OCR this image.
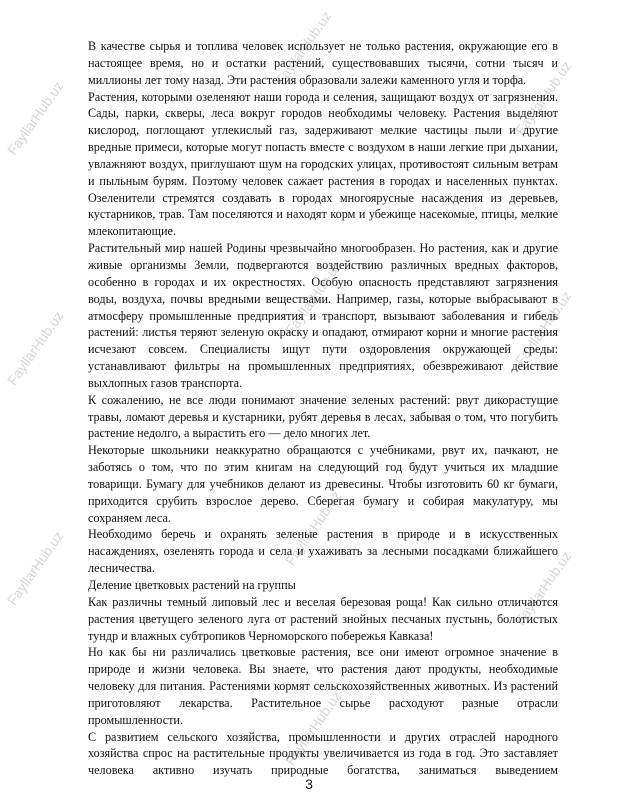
FayllarHub.uz
FayllarHub.uz
FayllarHub.uz
FayllarHub.uz
FayllarHub.uz	FayllarHub.uz
FayllarHub.uz
FayllarHub.uz
FayllarHub.uz
FayllarHub.uz

В качестве сырья и топлива человек использует не только растения, окружающие его в настоящее время, но и остатки растений, существовавших тысячи, сотни тысяч и миллионы лет тому назад. Эти растения образовали залежи каменного угля и торфа.

Растения, которыми озеленяют наши города и селения, защищают воздух от загрязнения. Сады, парки, скверы, леса вокруг городов необходимы человеку. Растения выделяют кислород, поглощают углекислый газ, задерживают мелкие частицы пыли и другие вредные примеси, которые могут попасть вместе с воздухом в наши легкие при дыхании, увлажняют воздух, приглушают шум на городских улицах, противостоят сильным ветрам и пыльным бурям. Поэтому человек сажает растения в городах и населенных пунктах. Озеленители стремятся создавать в городах многоярусные насаждения из деревьев, кустарников, трав. Там поселяются и находят корм и убежище насекомые, птицы, мелкие млекопитающие.

Растительный мир нашей Родины чрезвычайно многообразен. Но растения, как и другие живые организмы Земли, подвергаются воздействию различных вредных факторов, особенно в городах и их окрестностях. Особую опасность представляют загрязнения воды, воздуха, почвы вредными веществами. Например, газы, которые выбрасывают в атмосферу промышленные предприятия и транспорт, вызывают заболевания и гибель растений: листья теряют зеленую окраску и опадают, отмирают корни и многие растения исчезают совсем. Специалисты ищут пути оздоровления окружающей среды: устанавливают фильтры на промышленных предприятиях, обезвреживают действие выхлопных газов транспорта.

К сожалению, не все люди понимают значение зеленых растений: рвут дикорастущие травы, ломают деревья и кустарники, рубят деревья в лесах, забывая о том, что погубить растение недолго, а вырастить его — дело многих лет.

Некоторые школьники неаккуратно обращаются с учебниками, рвут их, пачкают, не заботясь о том, что по этим книгам на следующий год будут учиться их младшие товарищи. Бумагу для учебников делают из древесины. Чтобы изготовить 60 кг бумаги, приходится срубить взрослое дерево. Сберегая бумагу и собирая макулатуру, мы сохраняем леса.

Необходимо беречь и охранять зеленые растения в природе и в искусственных насаждениях, озеленять города и села и ухаживать за лесными посадками ближайшего лесничества.

Деление цветковых растений на группы

Как различны темный липовый лес и веселая березовая роща! Как сильно отличаются растения цветущего зеленого луга от растений знойных песчаных пустынь, болотистых тундр и влажных субтропиков Черноморского побережья Кавказа!

Но как бы ни различались цветковые растения, все они имеют огромное значение в природе и жизни человека. Вы знаете, что растения дают продукты, необходимые человеку для питания. Растениями кормят сельскохозяйственных животных. Из растений приготовляют лекарства. Растительное сырье расходуют разные отрасли промышленности.

С развитием сельского хозяйства, промышленности и других отраслей народного хозяйства спрос на растительные продукты увеличивается из года в год. Это заставляет человека активно изучать природные богатства, заниматься выведением

3
